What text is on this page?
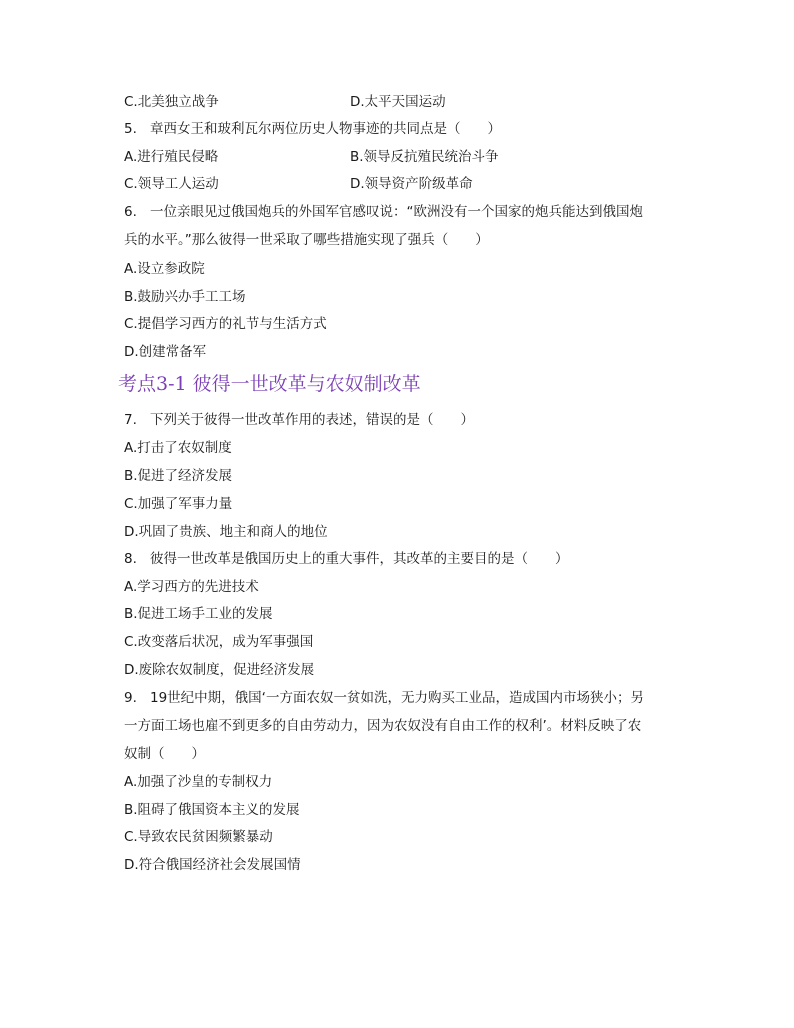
C.北美独立战争	D.太平天国运动
5. 章西女王和玻利瓦尔两位历史人物事迹的共同点是（　　）
A.进行殖民侵略	B.领导反抗殖民统治斗争
C.领导工人运动	D.领导资产阶级革命
6. 一位亲眼见过俄国炮兵的外国军官感叹说：“欧洲没有一个国家的炮兵能达到俄国炮
兵的水平。”那么彼得一世采取了哪些措施实现了强兵（　　）
A.设立参政院
B.鼓励兴办手工工场
C.提倡学习西方的礼节与生活方式
D.创建常备军
考点3-1 彼得一世改革与农奴制改革
7. 下列关于彼得一世改革作用的表述，错误的是（　　）
A.打击了农奴制度
B.促进了经济发展
C.加强了军事力量
D.巩固了贵族、地主和商人的地位
8. 彼得一世改革是俄国历史上的重大事件，其改革的主要目的是（　　）
A.学习西方的先进技术
B.促进工场手工业的发展
C.改变落后状况，成为军事强国
D.废除农奴制度，促进经济发展
9. 19世纪中期，俄国‘一方面农奴一贫如洗，无力购买工业品，造成国内市场狭小；另
一方面工场也雇不到更多的自由劳动力，因为农奴没有自由工作的权利’。材料反映了农
奴制（　　）
A.加强了沙皇的专制权力
B.阻碍了俄国资本主义的发展
C.导致农民贫困频繁暴动
D.符合俄国经济社会发展国情
